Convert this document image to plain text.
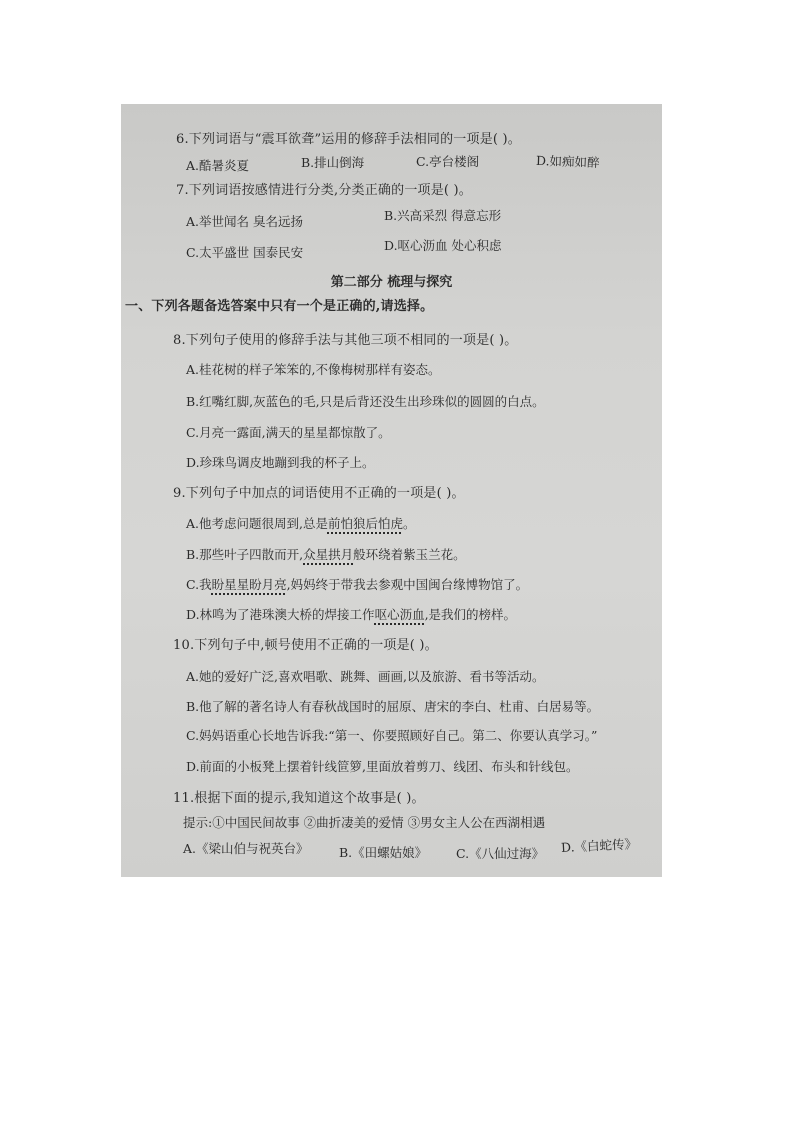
6.下列词语与“震耳欲聋”运用的修辞手法相同的一项是( )。
A.酷暑炎夏	B.排山倒海	C.亭台楼阁	D.如痴如醉
7.下列词语按感情进行分类,分类正确的一项是( )。
A.举世闻名 臭名远扬	B.兴高采烈 得意忘形
C.太平盛世 国泰民安	D.呕心沥血 处心积虑
第二部分 梳理与探究
一、下列各题备选答案中只有一个是正确的,请选择。
8.下列句子使用的修辞手法与其他三项不相同的一项是( )。
A.桂花树的样子笨笨的,不像梅树那样有姿态。
B.红嘴红脚,灰蓝色的毛,只是后背还没生出珍珠似的圆圆的白点。
C.月亮一露面,满天的星星都惊散了。
D.珍珠鸟调皮地蹦到我的杯子上。
9.下列句子中加点的词语使用不正确的一项是( )。
A.他考虑问题很周到,总是前怕狼后怕虎。
B.那些叶子四散而开,众星拱月般环绕着紫玉兰花。
C.我盼星星盼月亮,妈妈终于带我去参观中国闽台缘博物馆了。
D.林鸣为了港珠澳大桥的焊接工作呕心沥血,是我们的榜样。
10.下列句子中,顿号使用不正确的一项是( )。
A.她的爱好广泛,喜欢唱歌、跳舞、画画,以及旅游、看书等活动。
B.他了解的著名诗人有春秋战国时的屈原、唐宋的李白、杜甫、白居易等。
C.妈妈语重心长地告诉我:“第一、你要照顾好自己。第二、你要认真学习。”
D.前面的小板凳上摆着针线笸箩,里面放着剪刀、线团、布头和针线包。
11.根据下面的提示,我知道这个故事是( )。
提示:①中国民间故事 ②曲折凄美的爱情 ③男女主人公在西湖相遇
A.《梁山伯与祝英台》 B.《田螺姑娘》 C.《八仙过海》 D.《白蛇传》
